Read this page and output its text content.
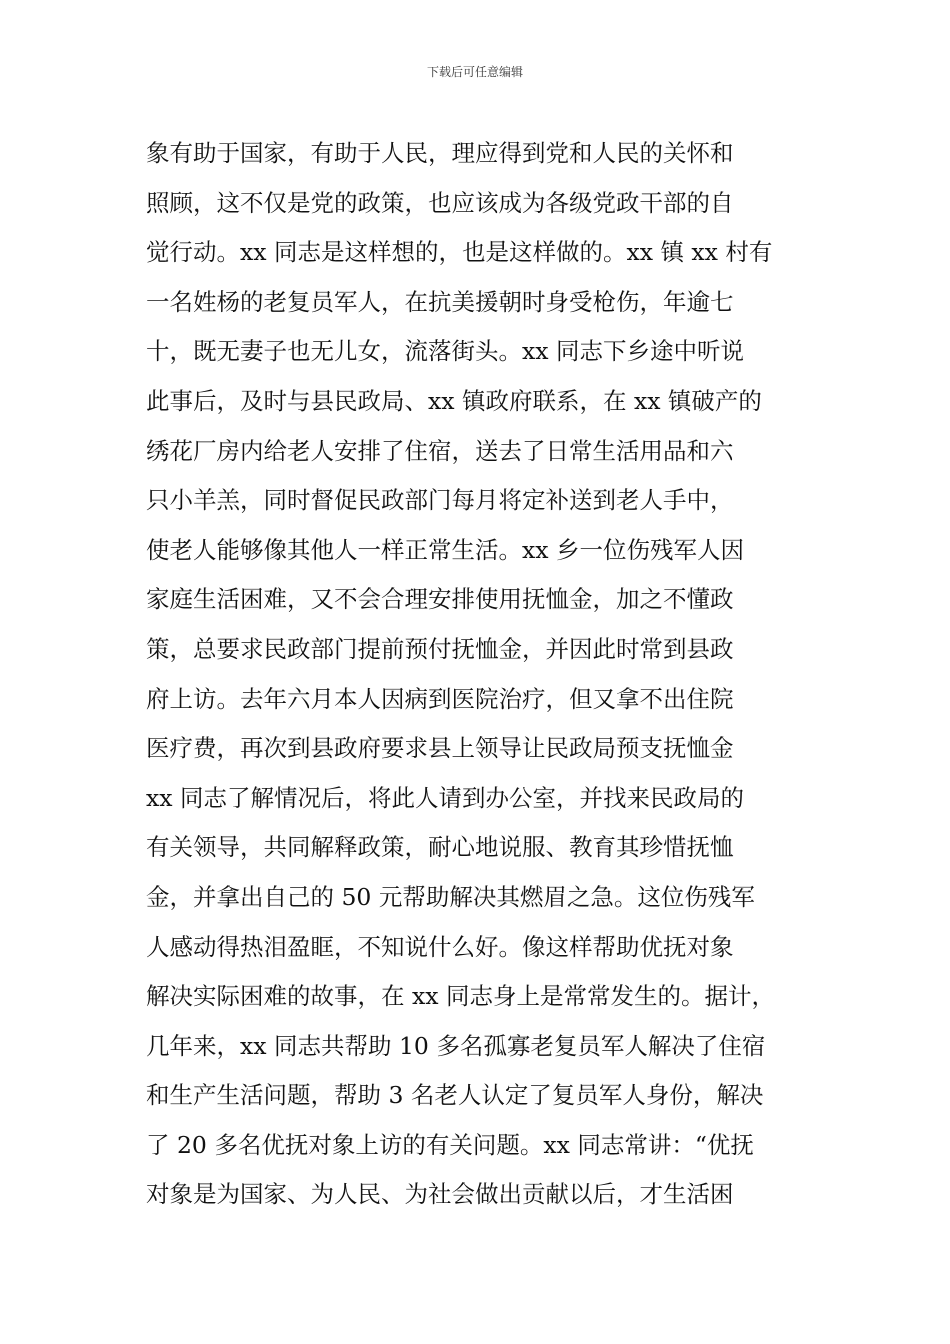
下载后可任意编辑
象有助于国家，有助于人民，理应得到党和人民的关怀和
照顾，这不仅是党的政策，也应该成为各级党政干部的自
觉行动。xx 同志是这样想的，也是这样做的。xx 镇 xx 村有
一名姓杨的老复员军人，在抗美援朝时身受枪伤，年逾七
十，既无妻子也无儿女，流落街头。xx 同志下乡途中听说
此事后，及时与县民政局、xx 镇政府联系，在 xx 镇破产的
绣花厂房内给老人安排了住宿，送去了日常生活用品和六
只小羊羔，同时督促民政部门每月将定补送到老人手中，
使老人能够像其他人一样正常生活。xx 乡一位伤残军人因
家庭生活困难，又不会合理安排使用抚恤金，加之不懂政
策，总要求民政部门提前预付抚恤金，并因此时常到县政
府上访。去年六月本人因病到医院治疗，但又拿不出住院
医疗费，再次到县政府要求县上领导让民政局预支抚恤金
xx 同志了解情况后，将此人请到办公室，并找来民政局的
有关领导，共同解释政策，耐心地说服、教育其珍惜抚恤
金，并拿出自己的 50 元帮助解决其燃眉之急。这位伤残军
人感动得热泪盈眶，不知说什么好。像这样帮助优抚对象
解决实际困难的故事，在 xx 同志身上是常常发生的。据计，
几年来，xx 同志共帮助 10 多名孤寡老复员军人解决了住宿
和生产生活问题，帮助 3 名老人认定了复员军人身份，解决
了 20 多名优抚对象上访的有关问题。xx 同志常讲：“优抚
对象是为国家、为人民、为社会做出贡献以后，才生活困
